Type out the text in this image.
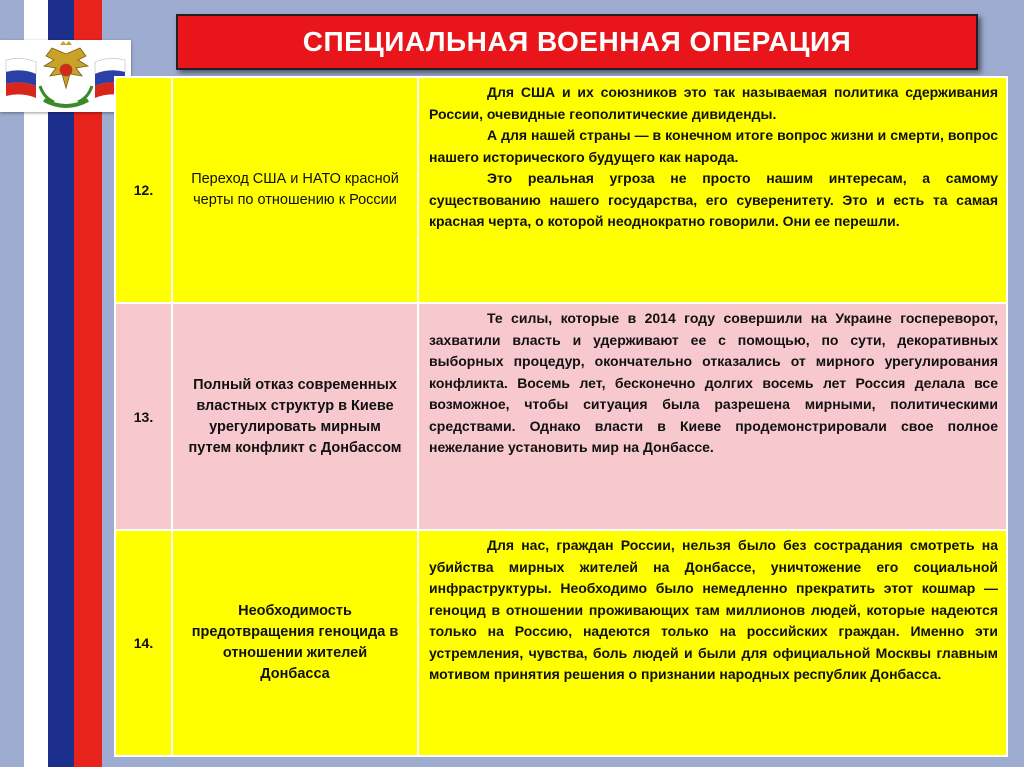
СПЕЦИАЛЬНАЯ ВОЕННАЯ ОПЕРАЦИЯ
12.	Переход США и НАТО красной черты по отношению к России	Для США и их союзников это так называемая политика сдерживания России, очевидные геополитические дивиденды.

А для нашей страны — в конечном итоге вопрос жизни и смерти, вопрос нашего исторического будущего как народа.

Это реальная угроза не просто нашим интересам, а самому существованию нашего государства, его суверенитету. Это и есть та самая красная черта, о которой неоднократно говорили. Они ее перешли.

13.	Полный отказ современных властных структур в Киеве урегулировать мирным путем конфликт с Донбассом	Те силы, которые в 2014 году совершили на Украине госпереворот, захватили власть и удерживают ее с помощью, по сути, декоративных выборных процедур, окончательно отказались от мирного урегулирования конфликта. Восемь лет, бесконечно долгих восемь лет Россия делала все возможное, чтобы ситуация была разрешена мирными, политическими средствами. Однако власти в Киеве продемонстрировали свое полное нежелание установить мир на Донбассе.

14.	Необходимость предотвращения геноцида в отношении жителей Донбасса	Для нас, граждан России, нельзя было без сострадания смотреть на убийства мирных жителей на Донбассе, уничтожение его социальной инфраструктуры. Необходимо было немедленно прекратить этот кошмар — геноцид в отношении проживающих там миллионов людей, которые надеются только на Россию, надеются только на российских граждан. Именно эти устремления, чувства, боль людей и были для официальной Москвы главным мотивом принятия решения о признании народных республик Донбасса.
